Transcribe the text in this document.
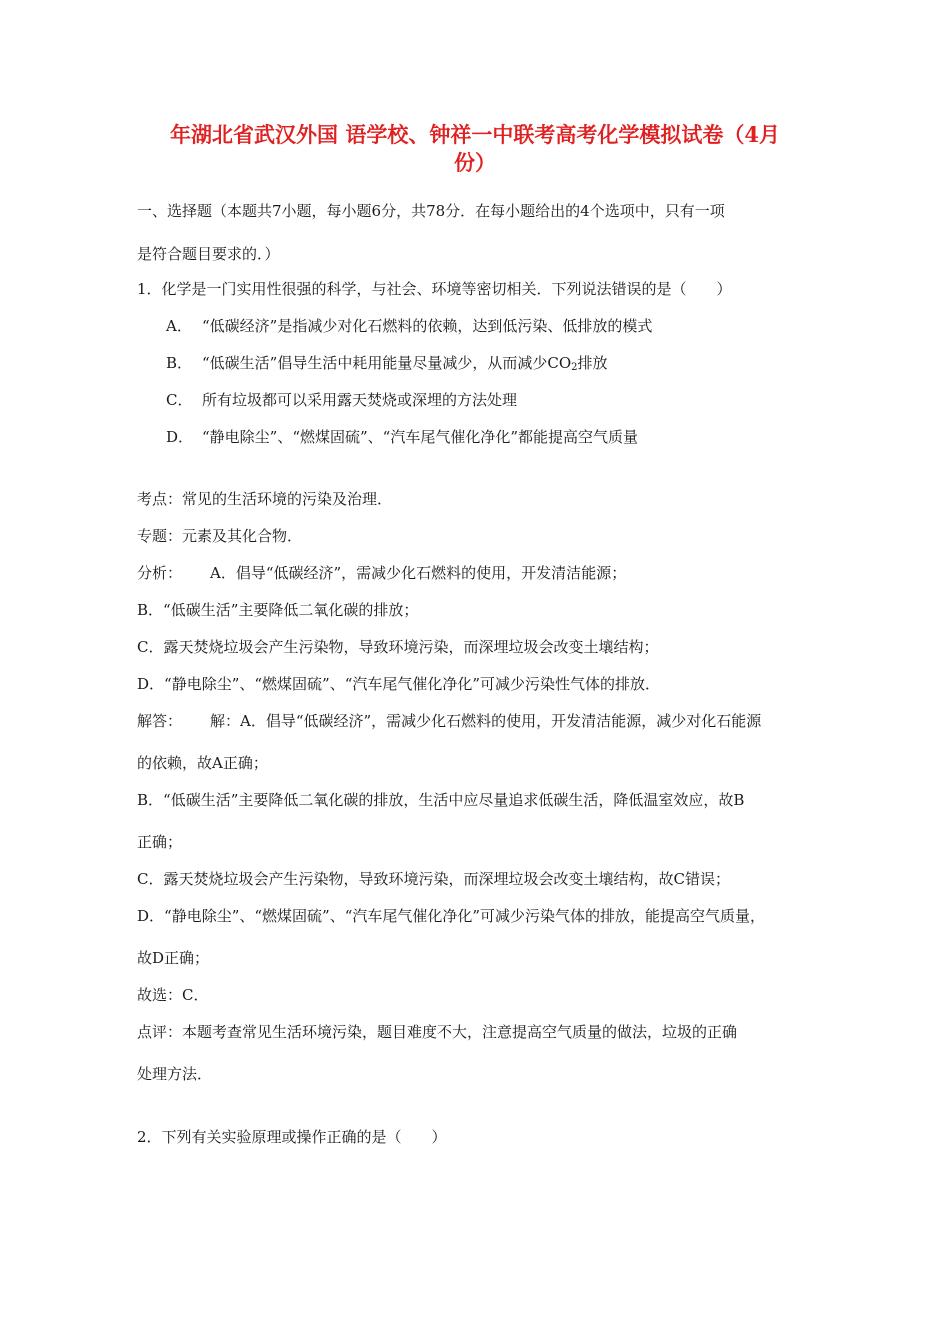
年湖北省武汉外国 语学校、钟祥一中联考高考化学模拟试卷（4月
份）
一、选择题（本题共7小题，每小题6分，共78分．在每小题给出的4个选项中，只有一项
是符合题目要求的．）
1．化学是一门实用性很强的科学，与社会、环境等密切相关．下列说法错误的是（　　）
A． “低碳经济”是指减少对化石燃料的依赖，达到低污染、低排放的模式
B． “低碳生活”倡导生活中耗用能量尽量减少，从而减少$CO_2$排放
C． 所有垃圾都可以采用露天焚烧或深埋的方法处理
D． “静电除尘”、“燃煤固硫”、“汽车尾气催化净化”都能提高空气质量
考点：常见的生活环境的污染及治理．
专题：元素及其化合物．
分析： A．倡导“低碳经济”，需减少化石燃料的使用，开发清洁能源；
B．“低碳生活”主要降低二氧化碳的排放；
C．露天焚烧垃圾会产生污染物，导致环境污染，而深埋垃圾会改变土壤结构；
D．“静电除尘”、“燃煤固硫”、“汽车尾气催化净化”可减少污染性气体的排放．
解答： 解：A．倡导“低碳经济”，需减少化石燃料的使用，开发清洁能源，减少对化石能源
的依赖，故A正确；
B．“低碳生活”主要降低二氧化碳的排放，生活中应尽量追求低碳生活，降低温室效应，故B
正确；
C．露天焚烧垃圾会产生污染物，导致环境污染，而深埋垃圾会改变土壤结构，故C错误；
D．“静电除尘”、“燃煤固硫”、“汽车尾气催化净化”可减少污染气体的排放，能提高空气质量，
故D正确；
故选：C．
点评：本题考查常见生活环境污染，题目难度不大，注意提高空气质量的做法，垃圾的正确
处理方法．
2．下列有关实验原理或操作正确的是（　　）
